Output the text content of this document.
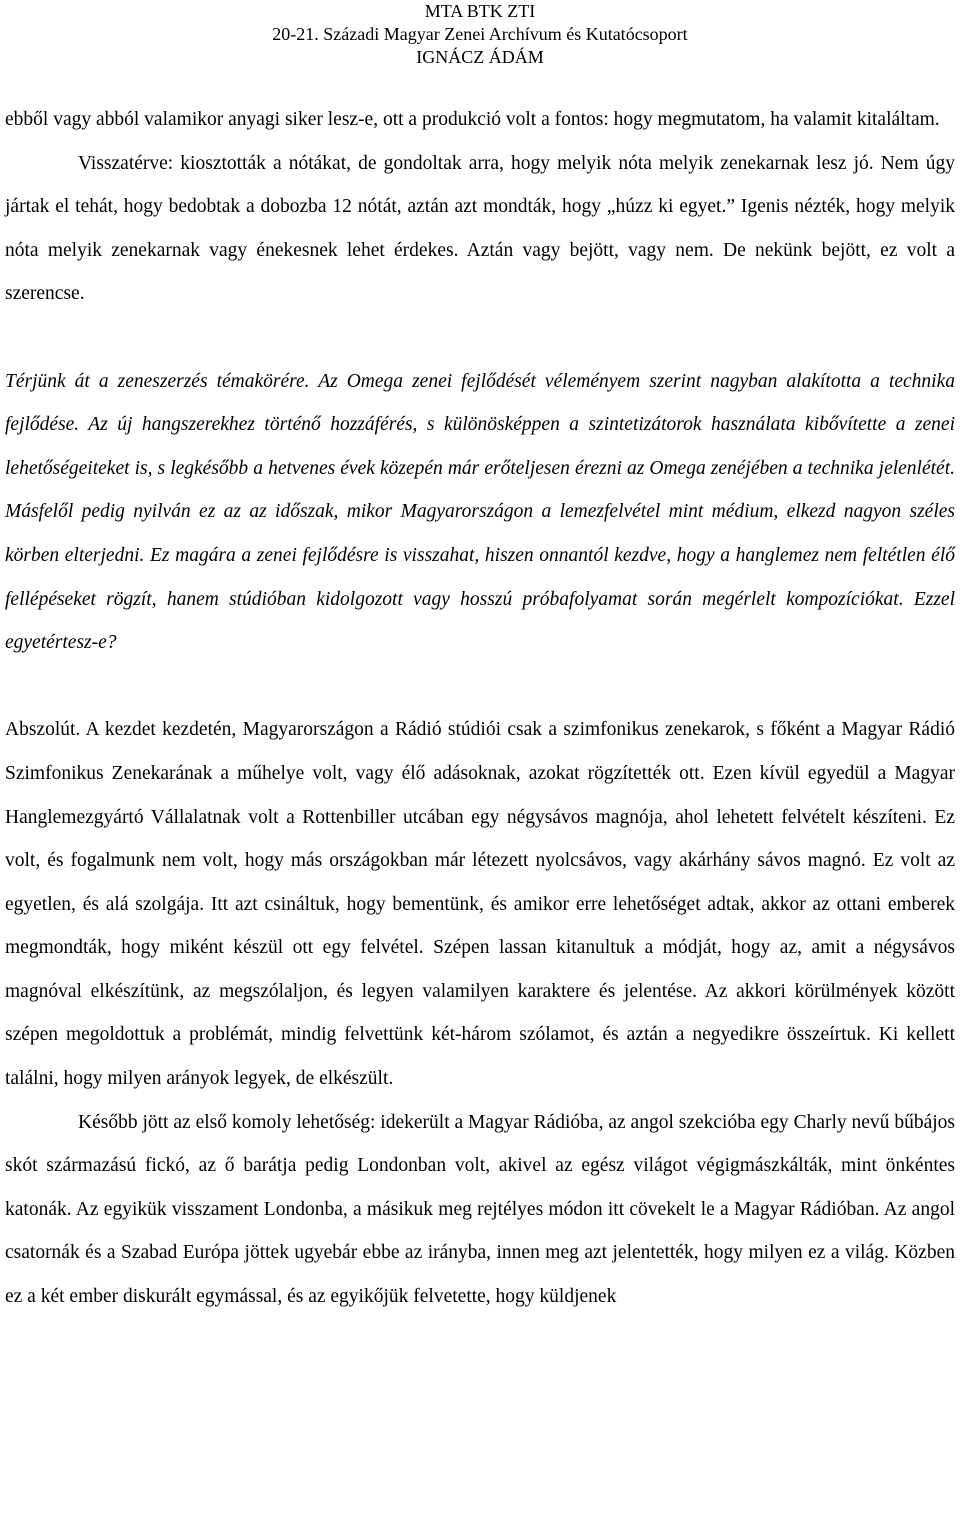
MTA BTK ZTI
20-21. Századi Magyar Zenei Archívum és Kutatócsoport
IGNÁCZ ÁDÁM

ebből vagy abból valamikor anyagi siker lesz-e, ott a produkció volt a fontos: hogy megmutatom, ha valamit kitaláltam.

Visszatérve: kiosztották a nótákat, de gondoltak arra, hogy melyik nóta melyik zenekarnak lesz jó. Nem úgy jártak el tehát, hogy bedobtak a dobozba 12 nótát, aztán azt mondták, hogy „húzz ki egyet.” Igenis nézték, hogy melyik nóta melyik zenekarnak vagy énekesnek lehet érdekes. Aztán vagy bejött, vagy nem. De nekünk bejött, ez volt a szerencse.

Térjünk át a zeneszerzés témakörére. Az Omega zenei fejlődését véleményem szerint nagyban alakította a technika fejlődése. Az új hangszerekhez történő hozzáférés, s különösképpen a szintetizátorok használata kibővítette a zenei lehetőségeiteket is, s legkésőbb a hetvenes évek közepén már erőteljesen érezni az Omega zenéjében a technika jelenlétét. Másfelől pedig nyilván ez az az időszak, mikor Magyarországon a lemezfelvétel mint médium, elkezd nagyon széles körben elterjedni. Ez magára a zenei fejlődésre is visszahat, hiszen onnantól kezdve, hogy a hanglemez nem feltétlen élő fellépéseket rögzít, hanem stúdióban kidolgozott vagy hosszú próbafolyamat során megérlelt kompozíciókat. Ezzel egyetértesz-e?

Abszolút. A kezdet kezdetén, Magyarországon a Rádió stúdiói csak a szimfonikus zenekarok, s főként a Magyar Rádió Szimfonikus Zenekarának a műhelye volt, vagy élő adásoknak, azokat rögzítették ott. Ezen kívül egyedül a Magyar Hanglemezgyártó Vállalatnak volt a Rottenbiller utcában egy négysávos magnója, ahol lehetett felvételt készíteni. Ez volt, és fogalmunk nem volt, hogy más országokban már létezett nyolcsávos, vagy akárhány sávos magnó. Ez volt az egyetlen, és alá szolgája. Itt azt csináltuk, hogy bementünk, és amikor erre lehetőséget adtak, akkor az ottani emberek megmondták, hogy miként készül ott egy felvétel. Szépen lassan kitanultuk a módját, hogy az, amit a négysávos magnóval elkészítünk, az megszólaljon, és legyen valamilyen karaktere és jelentése. Az akkori körülmények között szépen megoldottuk a problémát, mindig felvettünk két-három szólamot, és aztán a negyedikre összeírtuk. Ki kellett találni, hogy milyen arányok legyek, de elkészült.

Később jött az első komoly lehetőség: idekerült a Magyar Rádióba, az angol szekcióba egy Charly nevű bűbájos skót származású fickó, az ő barátja pedig Londonban volt, akivel az egész világot végigmászkálták, mint önkéntes katonák. Az egyikük visszament Londonba, a másikuk meg rejtélyes módon itt cövekelt le a Magyar Rádióban. Az angol csatornák és a Szabad Európa jöttek ugyebár ebbe az irányba, innen meg azt jelentették, hogy milyen ez a világ. Közben ez a két ember diskurált egymással, és az egyikőjük felvetette, hogy küldjenek
